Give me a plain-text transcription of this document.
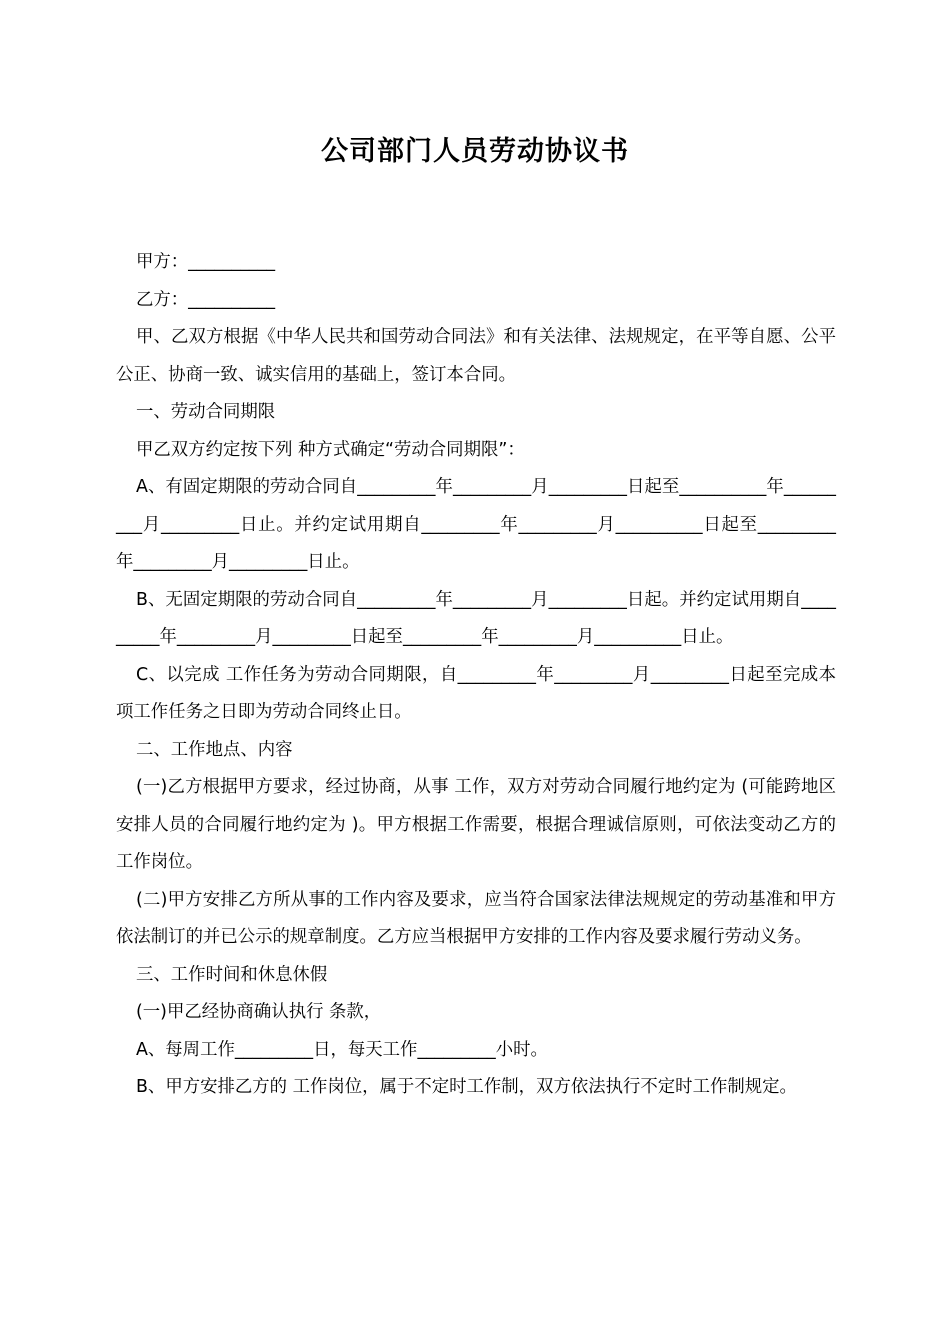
公司部门人员劳动协议书

甲方：__________

乙方：__________

甲、乙双方根据《中华人民共和国劳动合同法》和有关法律、法规规定，在平等自愿、公平公正、协商一致、诚实信用的基础上，签订本合同。

一、劳动合同期限

甲乙双方约定按下列 种方式确定“劳动合同期限”：

A、有固定期限的劳动合同自_________年_________月_________日起至__________年_________月_________日止。并约定试用期自_________年_________月__________日起至_________年_________月_________日止。

B、无固定期限的劳动合同自_________年_________月_________日起。并约定试用期自_________年_________月_________日起至_________年_________月__________日止。

C、以完成 工作任务为劳动合同期限，自_________年_________月_________日起至完成本项工作任务之日即为劳动合同终止日。

二、工作地点、内容

(一)乙方根据甲方要求，经过协商，从事 工作，双方对劳动合同履行地约定为 (可能跨地区安排人员的合同履行地约定为 )。甲方根据工作需要，根据合理诚信原则，可依法变动乙方的工作岗位。

(二)甲方安排乙方所从事的工作内容及要求，应当符合国家法律法规规定的劳动基准和甲方依法制订的并已公示的规章制度。乙方应当根据甲方安排的工作内容及要求履行劳动义务。

三、工作时间和休息休假

(一)甲乙经协商确认执行 条款，

A、每周工作_________日，每天工作_________小时。

B、甲方安排乙方的 工作岗位，属于不定时工作制，双方依法执行不定时工作制规定。
